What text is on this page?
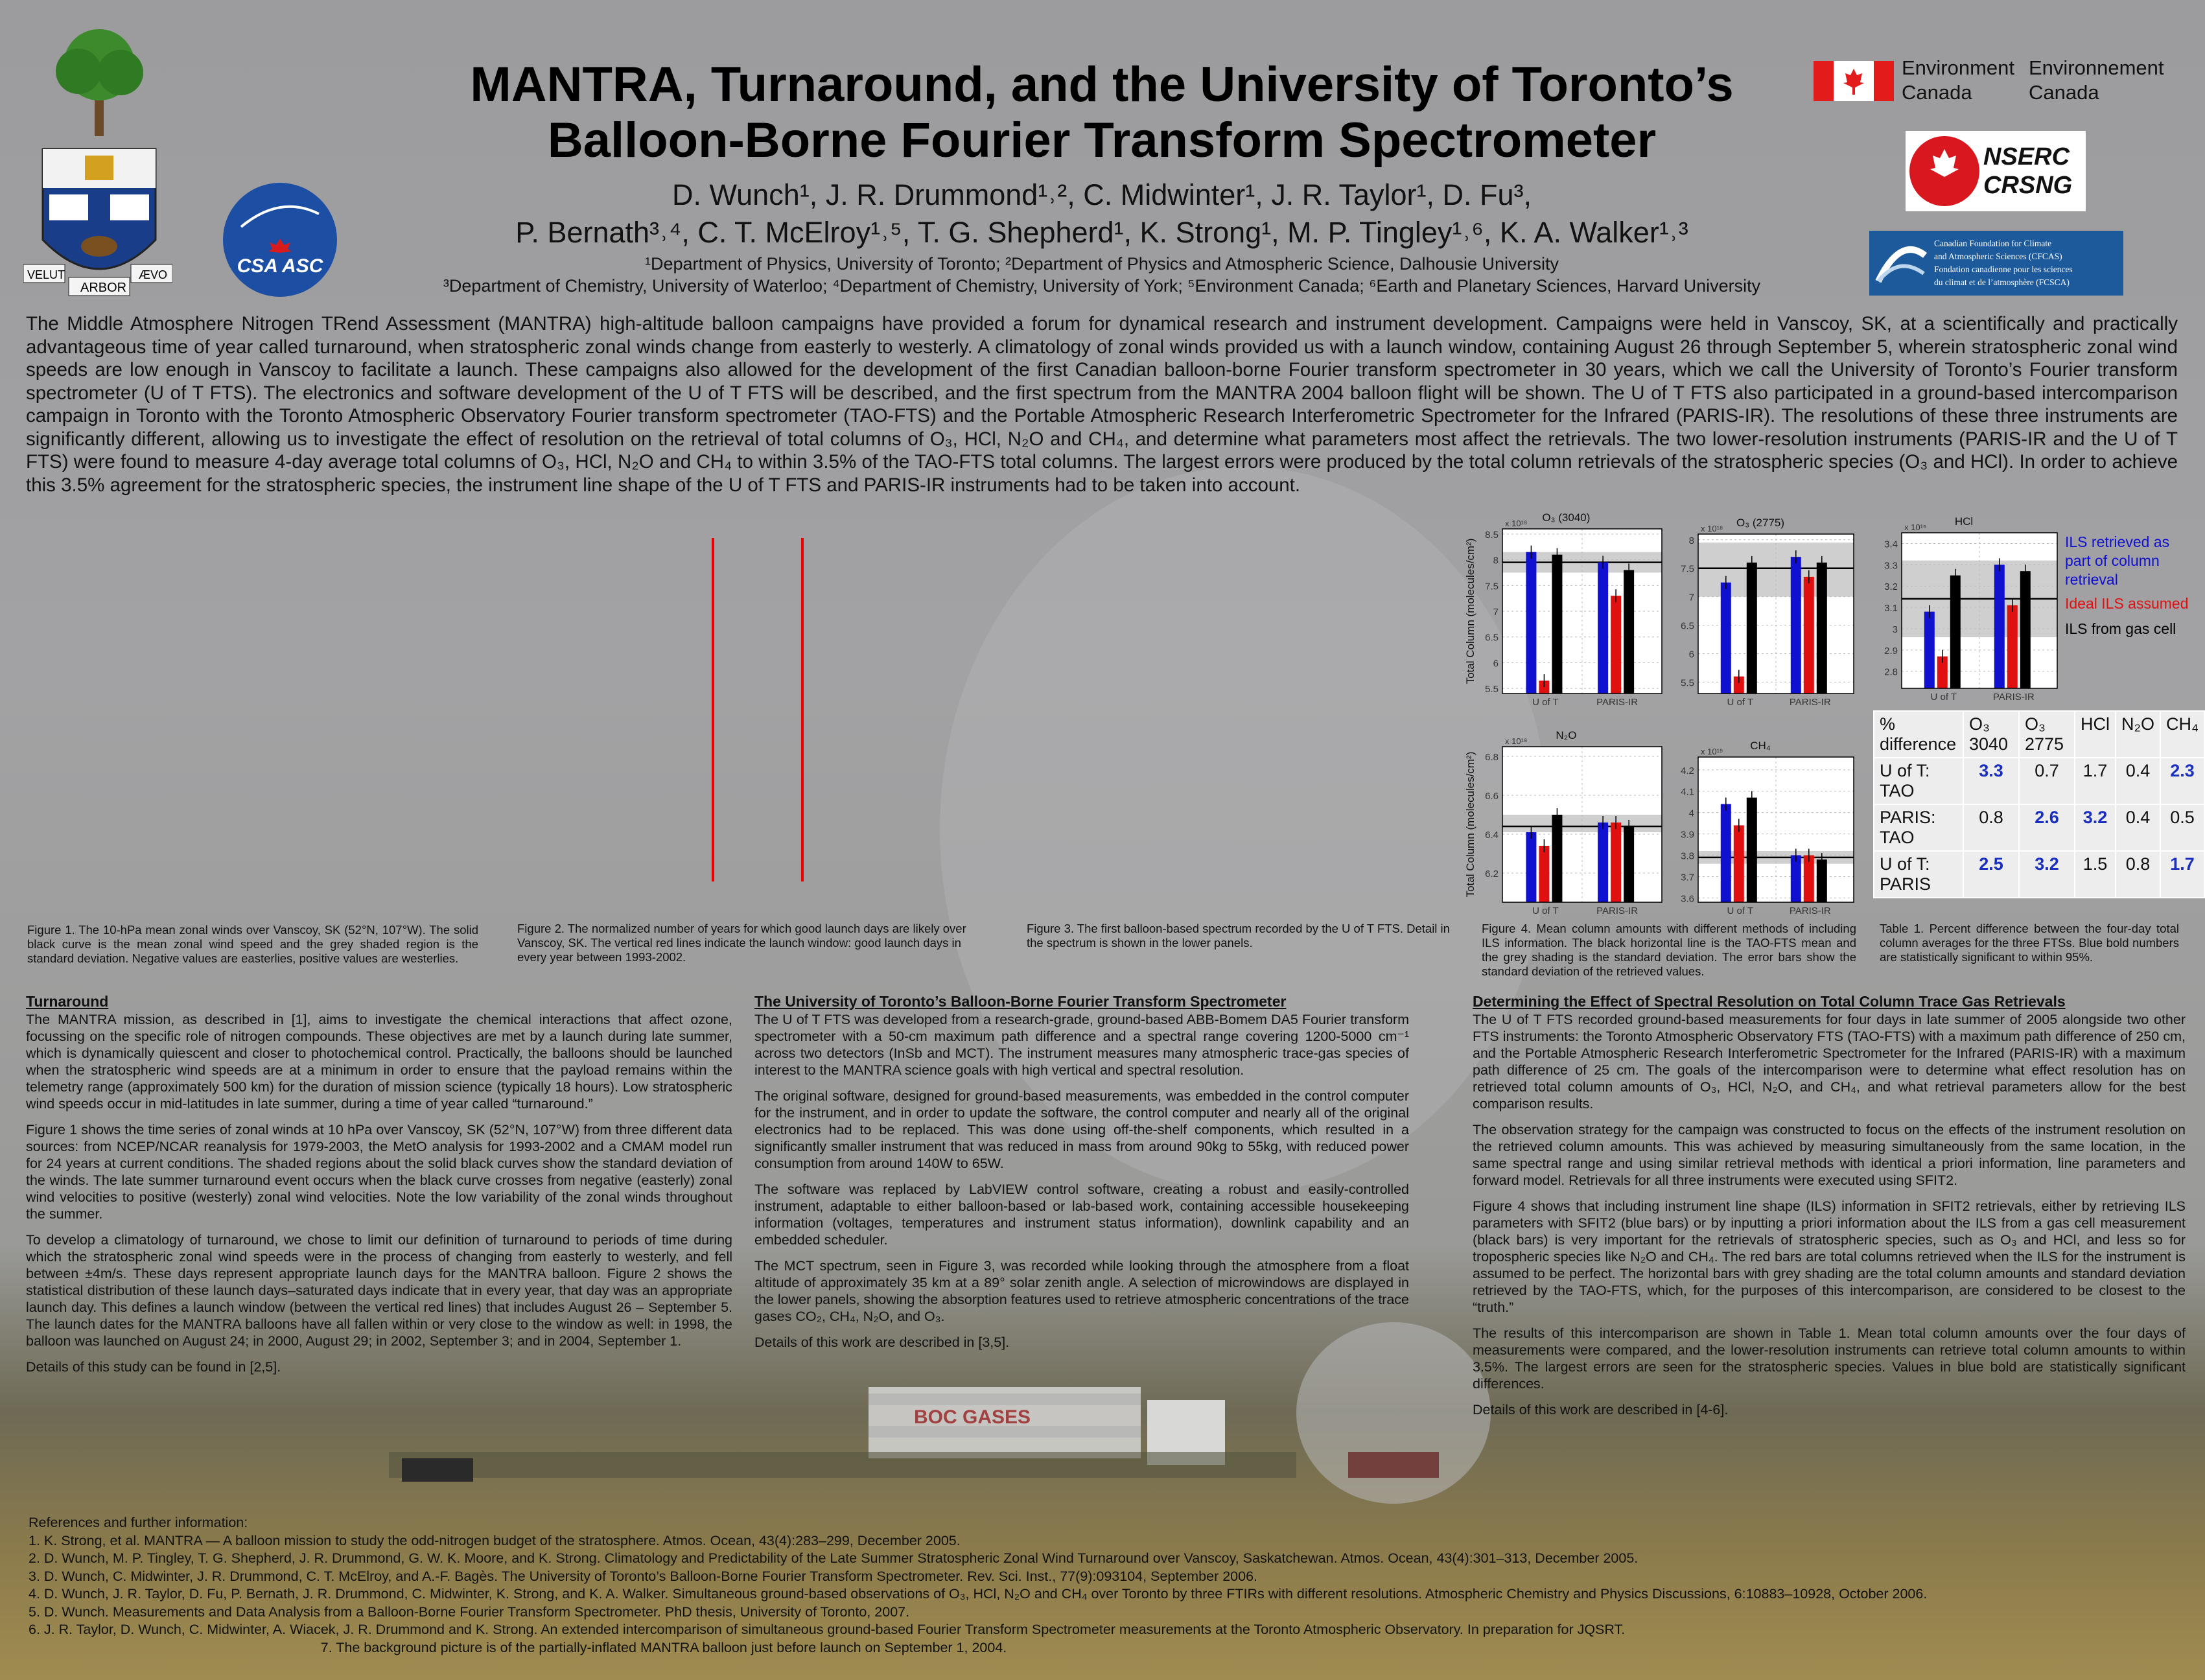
BOC GASES
VELUT	ÆVO
ARBOR
CSA ASC
Environment
Canada
Environnement
Canada
NSERC
CRSNG
Canadian Foundation for Climate
and Atmospheric Sciences (CFCAS)
Fondation canadienne pour les sciences
du climat et de l’atmosphère (FCSCA)
MANTRA, Turnaround, and the University of Toronto’s
Balloon-Borne Fourier Transform Spectrometer
D. Wunch¹, J. R. Drummond¹˒², C. Midwinter¹, J. R. Taylor¹, D. Fu³,
P. Bernath³˒⁴, C. T. McElroy¹˒⁵, T. G. Shepherd¹, K. Strong¹, M. P. Tingley¹˒⁶, K. A. Walker¹˒³
¹Department of Physics, University of Toronto; ²Department of Physics and Atmospheric Science, Dalhousie University
³Department of Chemistry, University of Waterloo; ⁴Department of Chemistry, University of York; ⁵Environment Canada; ⁶Earth and Planetary Sciences, Harvard University
The Middle Atmosphere Nitrogen TRend Assessment (MANTRA) high-altitude balloon campaigns have provided a forum for dynamical research and instrument development. Campaigns were held in Vanscoy, SK, at a scientifically and practically advantageous time of year called turnaround, when stratospheric zonal winds change from easterly to westerly. A climatology of zonal winds provided us with a launch window, containing August 26 through September 5, wherein stratospheric zonal wind speeds are low enough in Vanscoy to facilitate a launch. These campaigns also allowed for the development of the first Canadian balloon-borne Fourier transform spectrometer in 30 years, which we call the University of Toronto’s Fourier transform spectrometer (U of T FTS). The electronics and software development of the U of T FTS will be described, and the first spectrum from the MANTRA 2004 balloon flight will be shown. The U of T FTS also participated in a ground-based intercomparison campaign in Toronto with the Toronto Atmospheric Observatory Fourier transform spectrometer (TAO-FTS) and the Portable Atmospheric Research Interferometric Spectrometer for the Infrared (PARIS-IR). The resolutions of these three instruments are significantly different, allowing us to investigate the effect of resolution on the retrieval of total columns of O₃, HCl, N₂O and CH₄, and determine what parameters most affect the retrievals. The two lower-resolution instruments (PARIS-IR and the U of T FTS) were found to measure 4-day average total columns of O₃, HCl, N₂O and CH₄ to within 3.5% of the TAO-FTS total columns. The largest errors were produced by the total column retrievals of the stratospheric species (O₃ and HCl). In order to achieve this 3.5% agreement for the stratospheric species, the instrument line shape of the U of T FTS and PARIS-IR instruments had to be taken into account.
5.5
6
6.5
7
7.5
8
8.5
U of T	PARIS-IR
O₃ (3040)
x 10¹⁸
Total Column (molecules/cm²)	5.5
6
6.5
7
7.5
8
U of T	PARIS-IR
O₃ (2775)
x 10¹⁸
2.8
2.9
3
3.1
3.2
3.3
3.4
U of T	PARIS-IR
HCl
x 10¹⁵
6.2
6.4
6.6
6.8
U of T	PARIS-IR
N₂O
x 10¹⁸
Total Column (molecules/cm²)
3.6
3.7
3.8
3.9
4
4.1
4.2
U of T	PARIS-IR
CH₄
x 10¹⁹
ILS retrieved as part of column retrieval
Ideal ILS assumed
ILS from gas cell
% difference	O₃ 3040	O₃ 2775	HCl	N₂O	CH₄
U of T: TAO	3.3	0.7	1.7	0.4	2.3
PARIS: TAO	0.8	2.6	3.2	0.4	0.5
U of T: PARIS	2.5	3.2	1.5	0.8	1.7
Figure 1. The 10-hPa mean zonal winds over Vanscoy, SK (52°N, 107°W). The solid black curve is the mean zonal wind speed and the grey shaded region is the standard deviation. Negative values are easterlies, positive values are westerlies.
Figure 2. The normalized number of years for which good launch days are likely over Vanscoy, SK. The vertical red lines indicate the launch window: good launch days in every year between 1993-2002.
Figure 3. The first balloon-based spectrum recorded by the U of T FTS. Detail in the spectrum is shown in the lower panels.
Figure 4. Mean column amounts with different methods of including ILS information. The black horizontal line is the TAO-FTS mean and the grey shading is the standard deviation. The error bars show the standard deviation of the retrieved values.
Table 1. Percent difference between the four-day total column averages for the three FTSs. Blue bold numbers are statistically significant to within 95%.
Turnaround

The MANTRA mission, as described in [1], aims to investigate the chemical interactions that affect ozone, focussing on the specific role of nitrogen compounds. These objectives are met by a launch during late summer, which is dynamically quiescent and closer to photochemical control. Practically, the balloons should be launched when the stratospheric wind speeds are at a minimum in order to ensure that the payload remains within the telemetry range (approximately 500 km) for the duration of mission science (typically 18 hours). Low stratospheric wind speeds occur in mid-latitudes in late summer, during a time of year called “turnaround.”

Figure 1 shows the time series of zonal winds at 10 hPa over Vanscoy, SK (52°N, 107°W) from three different data sources: from NCEP/NCAR reanalysis for 1979-2003, the MetO analysis for 1993-2002 and a CMAM model run for 24 years at current conditions. The shaded regions about the solid black curves show the standard deviation of the winds. The late summer turnaround event occurs when the black curve crosses from negative (easterly) zonal wind velocities to positive (westerly) zonal wind velocities. Note the low variability of the zonal winds throughout the summer.

To develop a climatology of turnaround, we chose to limit our definition of turnaround to periods of time during which the stratospheric zonal wind speeds were in the process of changing from easterly to westerly, and fell between ±4m/s. These days represent appropriate launch days for the MANTRA balloon. Figure 2 shows the statistical distribution of these launch days–saturated days indicate that in every year, that day was an appropriate launch day. This defines a launch window (between the vertical red lines) that includes August 26 – September 5. The launch dates for the MANTRA balloons have all fallen within or very close to the window as well: in 1998, the balloon was launched on August 24; in 2000, August 29; in 2002, September 3; and in 2004, September 1.

Details of this study can be found in [2,5].

The University of Toronto’s Balloon-Borne Fourier Transform Spectrometer

The U of T FTS was developed from a research-grade, ground-based ABB-Bomem DA5 Fourier transform spectrometer with a 50-cm maximum path difference and a spectral range covering 1200-5000 cm⁻¹ across two detectors (InSb and MCT). The instrument measures many atmospheric trace-gas species of interest to the MANTRA science goals with high vertical and spectral resolution.

The original software, designed for ground-based measurements, was embedded in the control computer for the instrument, and in order to update the software, the control computer and nearly all of the original electronics had to be replaced. This was done using off-the-shelf components, which resulted in a significantly smaller instrument that was reduced in mass from around 90kg to 55kg, with reduced power consumption from around 140W to 65W.

The software was replaced by LabVIEW control software, creating a robust and easily-controlled instrument, adaptable to either balloon-based or lab-based work, containing accessible housekeeping information (voltages, temperatures and instrument status information), downlink capability and an embedded scheduler.

The MCT spectrum, seen in Figure 3, was recorded while looking through the atmosphere from a float altitude of approximately 35 km at a 89° solar zenith angle. A selection of microwindows are displayed in the lower panels, showing the absorption features used to retrieve atmospheric concentrations of the trace gases CO₂, CH₄, N₂O, and O₃.

Details of this work are described in [3,5].

Determining the Effect of Spectral Resolution on Total Column Trace Gas Retrievals

The U of T FTS recorded ground-based measurements for four days in late summer of 2005 alongside two other FTS instruments: the Toronto Atmospheric Observatory FTS (TAO-FTS) with a maximum path difference of 250 cm, and the Portable Atmospheric Research Interferometric Spectrometer for the Infrared (PARIS-IR) with a maximum path difference of 25 cm. The goals of the intercomparison were to determine what effect resolution has on retrieved total column amounts of O₃, HCl, N₂O, and CH₄, and what retrieval parameters allow for the best comparison results.

The observation strategy for the campaign was constructed to focus on the effects of the instrument resolution on the retrieved column amounts. This was achieved by measuring simultaneously from the same location, in the same spectral range and using similar retrieval methods with identical a priori information, line parameters and forward model. Retrievals for all three instruments were executed using SFIT2.

Figure 4 shows that including instrument line shape (ILS) information in SFIT2 retrievals, either by retrieving ILS parameters with SFIT2 (blue bars) or by inputting a priori information about the ILS from a gas cell measurement (black bars) is very important for the retrievals of stratospheric species, such as O₃ and HCl, and less so for tropospheric species like N₂O and CH₄. The red bars are total columns retrieved when the ILS for the instrument is assumed to be perfect. The horizontal bars with grey shading are the total column amounts and standard deviation retrieved by the TAO-FTS, which, for the purposes of this intercomparison, are considered to be closest to the “truth.”

The results of this intercomparison are shown in Table 1. Mean total column amounts over the four days of measurements were compared, and the lower-resolution instruments can retrieve total column amounts to within 3.5%. The largest errors are seen for the stratospheric species. Values in blue bold are statistically significant differences.

Details of this work are described in [4-6].

References and further information:
1. K. Strong, et al. MANTRA — A balloon mission to study the odd-nitrogen budget of the stratosphere. Atmos. Ocean, 43(4):283–299, December 2005.
2. D. Wunch, M. P. Tingley, T. G. Shepherd, J. R. Drummond, G. W. K. Moore, and K. Strong. Climatology and Predictability of the Late Summer Stratospheric Zonal Wind Turnaround over Vanscoy, Saskatchewan. Atmos. Ocean, 43(4):301–313, December 2005.
3. D. Wunch, C. Midwinter, J. R. Drummond, C. T. McElroy, and A.-F. Bagès. The University of Toronto’s Balloon-Borne Fourier Transform Spectrometer. Rev. Sci. Inst., 77(9):093104, September 2006.
4. D. Wunch, J. R. Taylor, D. Fu, P. Bernath, J. R. Drummond, C. Midwinter, K. Strong, and K. A. Walker. Simultaneous ground-based observations of O₃, HCl, N₂O and CH₄ over Toronto by three FTIRs with different resolutions. Atmospheric Chemistry and Physics Discussions, 6:10883–10928, October 2006.
5. D. Wunch. Measurements and Data Analysis from a Balloon-Borne Fourier Transform Spectrometer. PhD thesis, University of Toronto, 2007.
6. J. R. Taylor, D. Wunch, C. Midwinter, A. Wiacek, J. R. Drummond and K. Strong. An extended intercomparison of simultaneous ground-based Fourier Transform Spectrometer measurements at the Toronto Atmospheric Observatory. In preparation for JQSRT.
7. The background picture is of the partially-inflated MANTRA balloon just before launch on September 1, 2004.
